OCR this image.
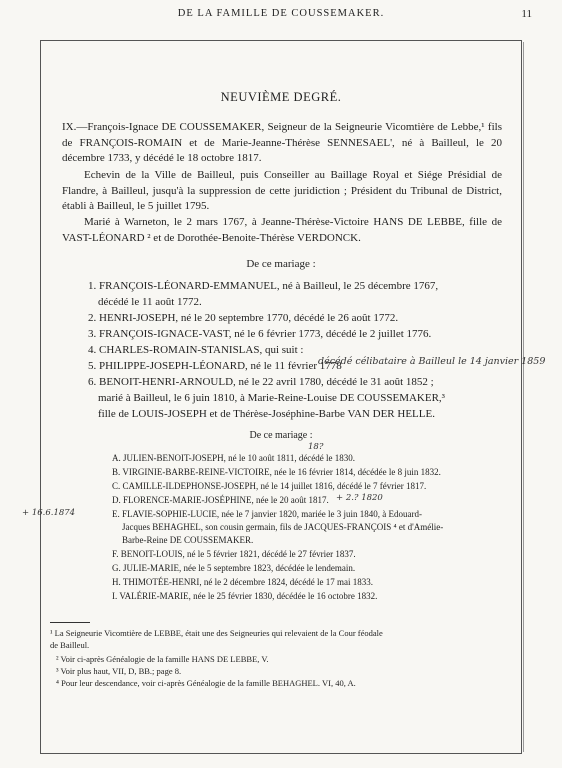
DE LA FAMILLE DE COUSSEMAKER.	11
NEUVIÈME DEGRÉ.
IX.—François-Ignace DE COUSSEMAKER, Seigneur de la Seigneurie Vicomtière de Lebbe,¹ fils de FRANÇOIS-ROMAIN et de Marie-Jeanne-Thérèse SENNESAEL', né à Bailleul, le 20 décembre 1733, y décédé le 18 octobre 1817.
Echevin de la Ville de Bailleul, puis Conseiller au Baillage Royal et Siége Présidial de Flandre, à Bailleul, jusqu'à la suppression de cette juridiction ; Président du Tribunal de District, établi à Bailleul, le 5 juillet 1795.
Marié à Warneton, le 2 mars 1767, à Jeanne-Thérèse-Victoire HANS DE LEBBE, fille de VAST-LÉONARD ² et de Dorothée-Benoite-Thérèse VERDONCK.
De ce mariage :
1. FRANÇOIS-LÉONARD-EMMANUEL, né à Bailleul, le 25 décembre 1767,
décédé le 11 août 1772.
2. HENRI-JOSEPH, né le 20 septembre 1770, décédé le 26 août 1772.
3. FRANÇOIS-IGNACE-VAST, né le 6 février 1773, décédé le 2 juillet 1776.
4. CHARLES-ROMAIN-STANISLAS, qui suit :
5. PHILIPPE-JOSEPH-LÉONARD, né le 11 février 1778
décédé célibataire à Bailleul le 14 janvier 1859
6. BENOIT-HENRI-ARNOULD, né le 22 avril 1780, décédé le 31 août 1852 ;
marié à Bailleul, le 6 juin 1810, à Marie-Reine-Louise DE COUSSEMAKER,³
fille de LOUIS-JOSEPH et de Thérèse-Joséphine-Barbe VAN DER HELLE.
De ce mariage :
18?
A. JULIEN-BENOIT-JOSEPH, né le 10 août 1811, décédé le 1830.
B. VIRGINIE-BARBE-REINE-VICTOIRE, née le 16 février 1814, décédée le 8 juin 1832.
C. CAMILLE-ILDEPHONSE-JOSEPH, né le 14 juillet 1816, décédé le 7 février 1817.
D. FLORENCE-MARIE-JOSÉPHINE, née le 20 août 1817. + 2.? 1820
+ 16.6.1874	E. FLAVIE-SOPHIE-LUCIE, née le 7 janvier 1820, mariée le 3 juin 1840, à Edouard-
Jacques BEHAGHEL, son cousin germain, fils de JACQUES-FRANÇOIS ⁴ et d'Amélie-
Barbe-Reine DE COUSSEMAKER.
F. BENOIT-LOUIS, né le 5 février 1821, décédé le 27 février 1837.
G. JULIE-MARIE, née le 5 septembre 1823, décédée le lendemain.
H. THIMOTÉE-HENRI, né le 2 décembre 1824, décédé le 17 mai 1833.
I. VALÉRIE-MARIE, née le 25 février 1830, décédée le 16 octobre 1832.
¹ La Seigneurie Vicomtière de LEBBE, était une des Seigneuries qui relevaient de la Cour féodale
de Bailleul.
² Voir ci-après Généalogie de la famille HANS DE LEBBE, V.
³ Voir plus haut, VII, D, BB.; page 8.
⁴ Pour leur descendance, voir ci-après Généalogie de la famille BEHAGHEL. VI, 40, A.
